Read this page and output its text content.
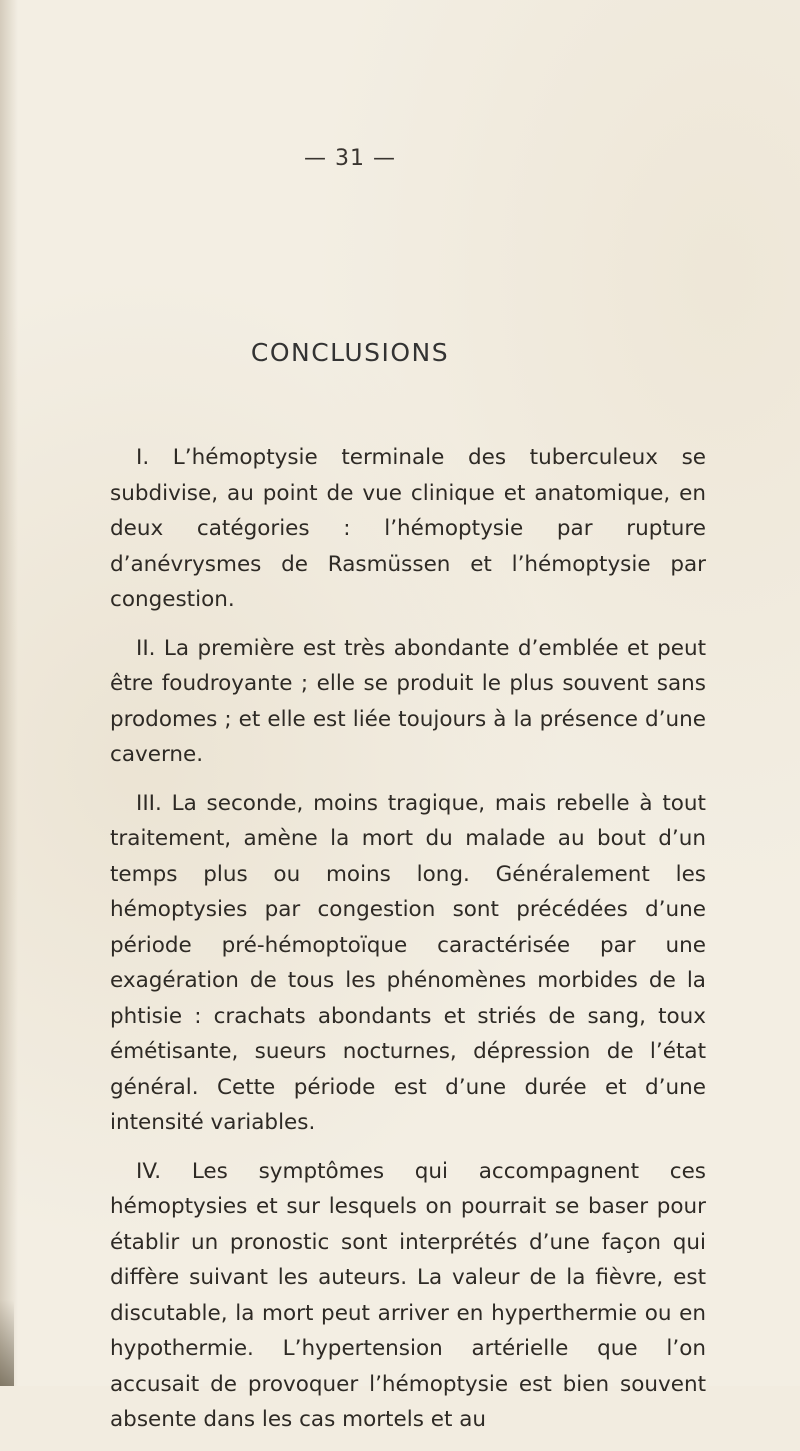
— 31 —
CONCLUSIONS

I. L’hémoptysie terminale des tuberculeux se subdivise, au point de vue clinique et anatomique, en deux catégories : l’hémoptysie par rupture d’anévrysmes de Rasmüssen et l’hémoptysie par congestion.

II. La première est très abondante d’emblée et peut être foudroyante ; elle se produit le plus souvent sans prodomes ; et elle est liée toujours à la présence d’une caverne.

III. La seconde, moins tragique, mais rebelle à tout traitement, amène la mort du malade au bout d’un temps plus ou moins long. Généralement les hémoptysies par congestion sont précédées d’une période pré-hémoptoïque caractérisée par une exagération de tous les phénomènes morbides de la phtisie : crachats abondants et striés de sang, toux émétisante, sueurs nocturnes, dépression de l’état général. Cette période est d’une durée et d’une intensité variables.

IV. Les symptômes qui accompagnent ces hémoptysies et sur lesquels on pourrait se baser pour établir un pronostic sont interprétés d’une façon qui diffère suivant les auteurs. La valeur de la fièvre, est discutable, la mort peut arriver en hyperthermie ou en hypothermie. L’hypertension artérielle que l’on accusait de provoquer l’hémoptysie est bien souvent absente dans les cas mortels et au
